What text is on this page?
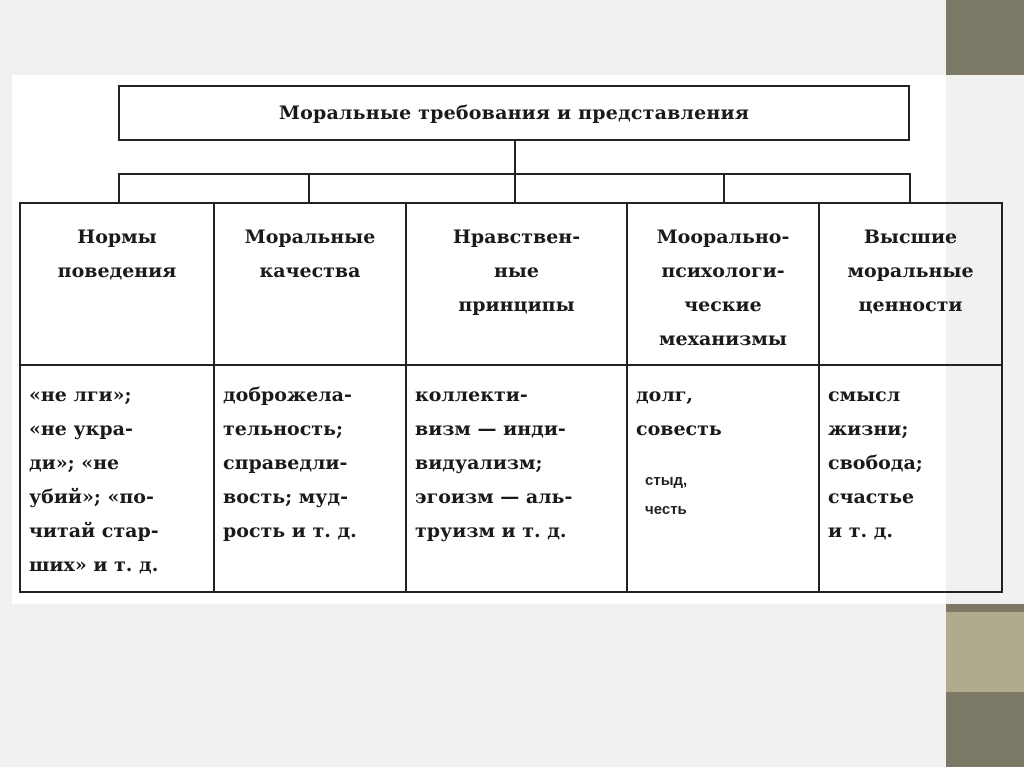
Моральные требования и представления
Нормы
поведения
Моральные
качества
Нравствен-
ные
принципы
Моорально-
психологи-
ческие
механизмы
Высшие
моральные
ценности
«не лги»;
«не укра-
ди»; «не
убий»; «по-
читай стар-
ших» и т. д.
доброжела-
тельность;
справедли-
вость; муд-
рость и т. д.
коллекти-
визм — инди-
видуализм;
эгоизм — аль-
труизм и т. д.
долг,
совесть
смысл
жизни;
свобода;
счастье
и т. д.
стыд,
честь
